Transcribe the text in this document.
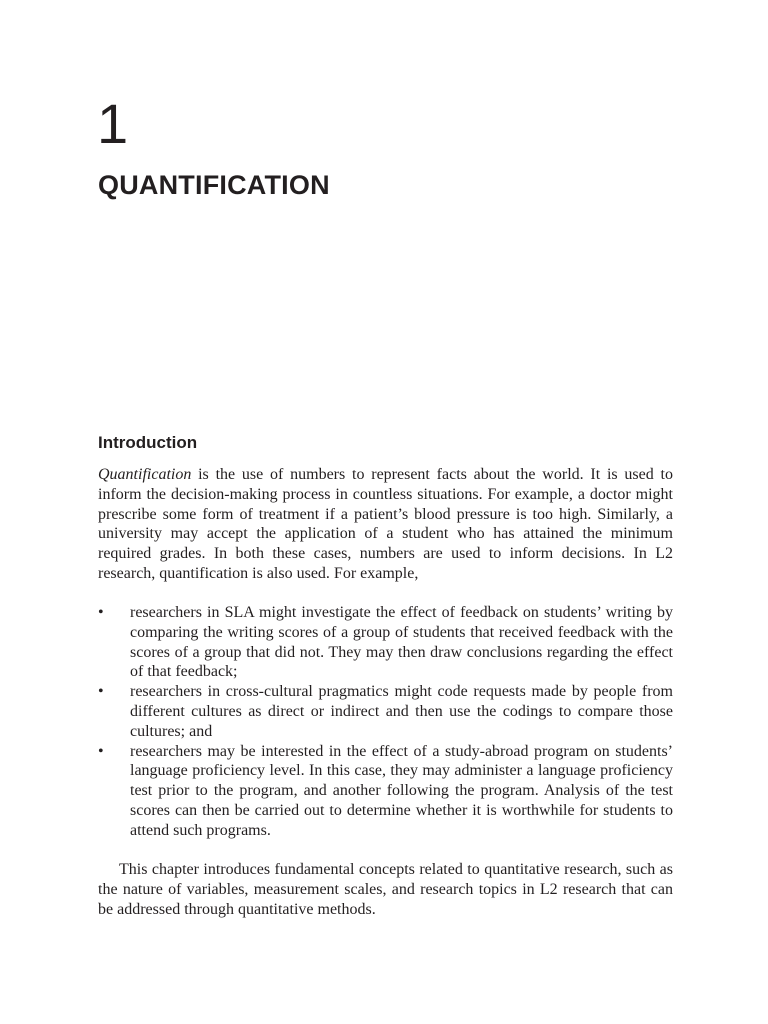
1
QUANTIFICATION
Introduction

Quantification is the use of numbers to represent facts about the world. It is used to inform the decision-making process in countless situations. For example, a doctor might prescribe some form of treatment if a patient’s blood pressure is too high. Similarly, a university may accept the application of a student who has attained the minimum required grades. In both these cases, numbers are used to inform decisions. In L2 research, quantification is also used. For example,

• researchers in SLA might investigate the effect of feedback on students’ writing by comparing the writing scores of a group of students that received feedback with the scores of a group that did not. They may then draw conclusions regarding the effect of that feedback;
• researchers in cross-cultural pragmatics might code requests made by people from different cultures as direct or indirect and then use the codings to compare those cultures; and
• researchers may be interested in the effect of a study-abroad program on students’ language proficiency level. In this case, they may administer a language proficiency test prior to the program, and another following the program. Analysis of the test scores can then be carried out to determine whether it is worthwhile for students to attend such programs.

This chapter introduces fundamental concepts related to quantitative research, such as the nature of variables, measurement scales, and research topics in L2 research that can be addressed through quantitative methods.
